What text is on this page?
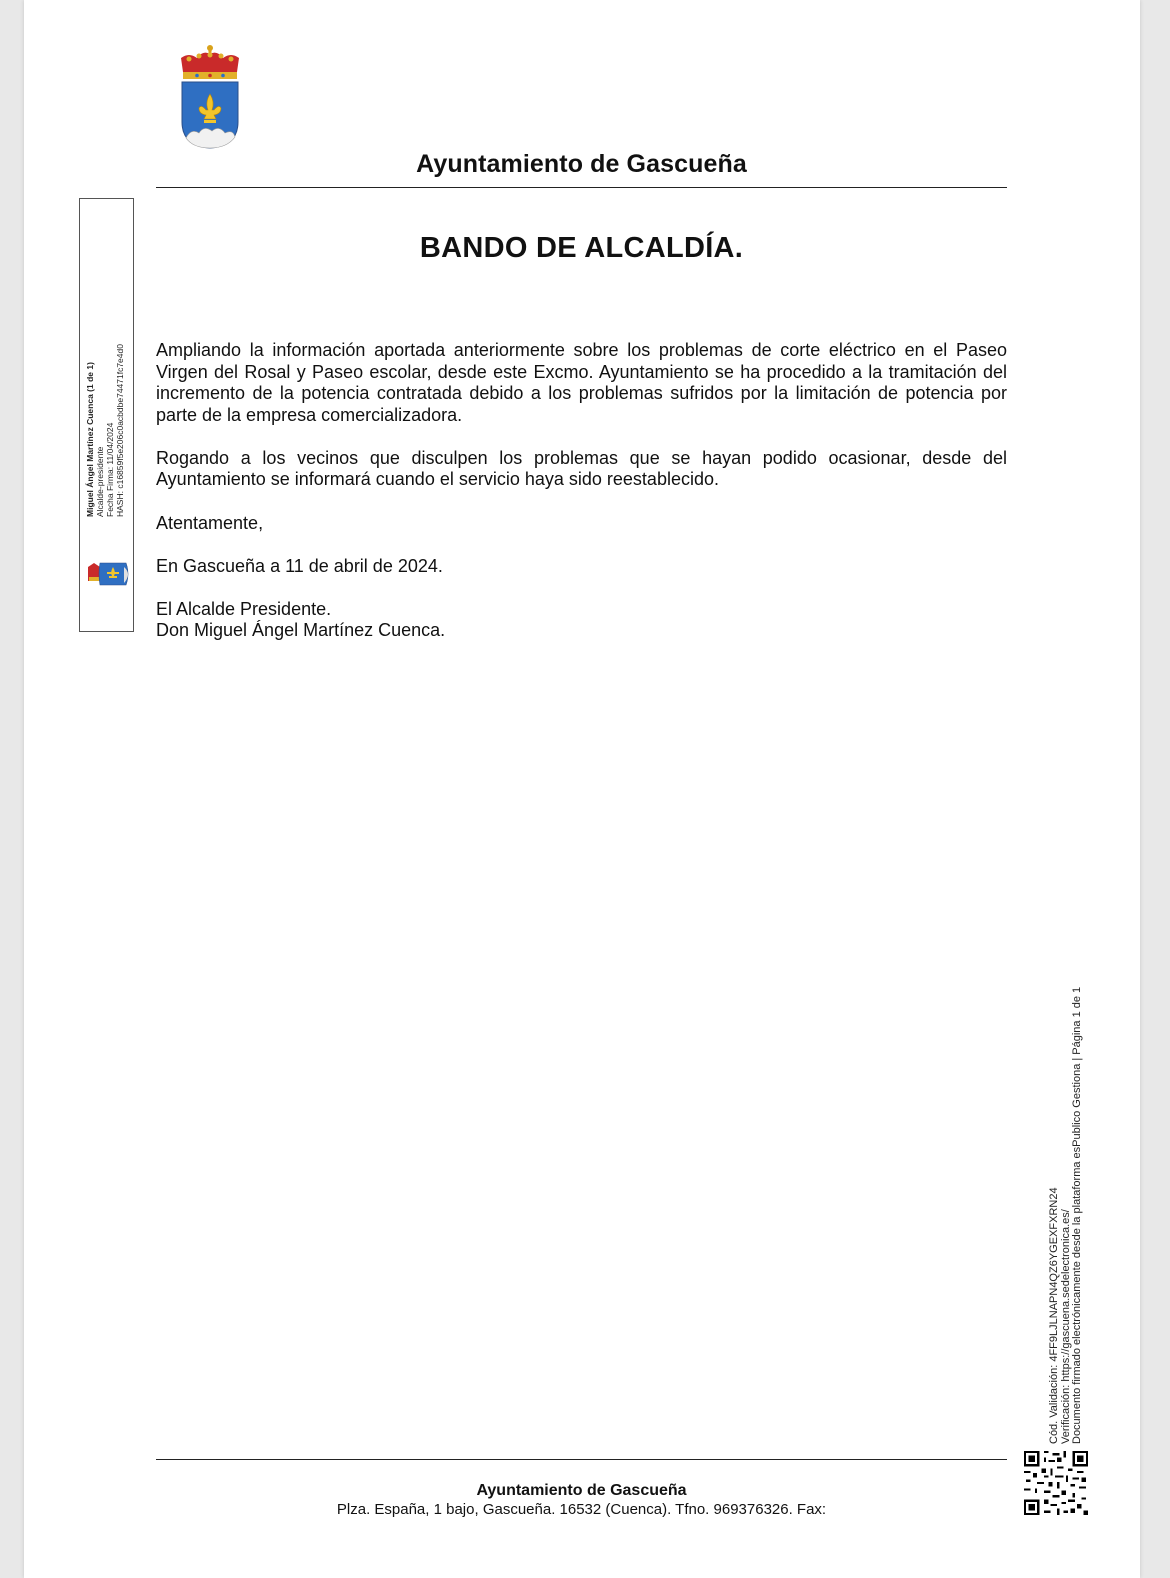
Ayuntamiento de Gascueña
Miguel Ángel Martínez Cuenca (1 de 1) Alcalde-presidente Fecha Firma: 11/04/2024 HASH: c16859f5e206c0acbdbe74471fc7e4d0
BANDO DE ALCALDÍA.

Ampliando la información aportada anteriormente sobre los problemas de corte eléctrico en el Paseo Virgen del Rosal y Paseo escolar, desde este Excmo. Ayuntamiento se ha procedido a la tramitación del incremento de la potencia contratada debido a los problemas sufridos por la limitación de potencia por parte de la empresa comercializadora.

Rogando a los vecinos que disculpen los problemas que se hayan podido ocasionar, desde del Ayuntamiento se informará cuando el servicio haya sido reestablecido.

Atentamente,

En Gascueña a 11 de abril de 2024.

El Alcalde Presidente.

Don Miguel Ángel Martínez Cuenca.

Cód. Validación: 4FF9LJLNAPN4QZ6YGEXFXRN24 Verificación: https://gascuena.sedelectronica.es/ Documento firmado electrónicamente desde la plataforma esPublico Gestiona | Página 1 de 1
Ayuntamiento de Gascueña
Plza. España, 1 bajo, Gascueña. 16532 (Cuenca). Tfno. 969376326. Fax:
